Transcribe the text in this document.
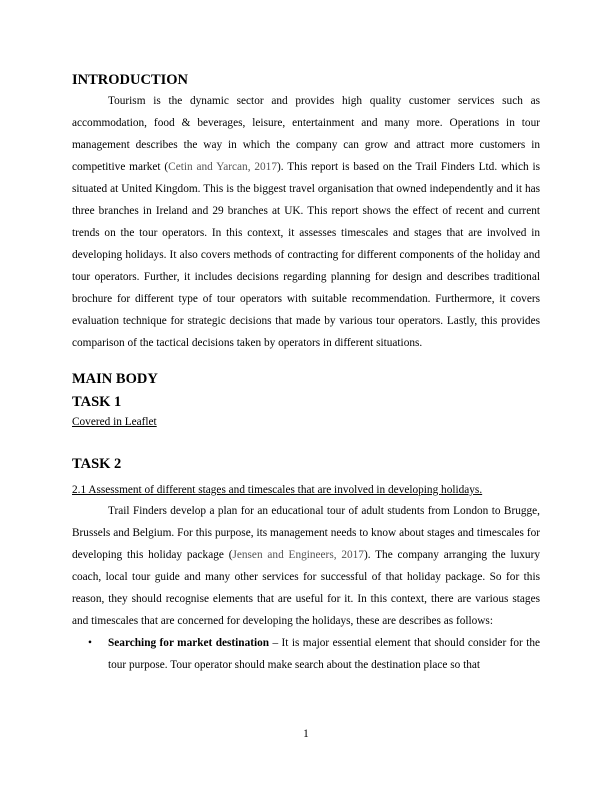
INTRODUCTION

Tourism is the dynamic sector and provides high quality customer services such as accommodation, food & beverages, leisure, entertainment and many more. Operations in tour management describes the way in which the company can grow and attract more customers in competitive market (Cetin and Yarcan, 2017). This report is based on the Trail Finders Ltd. which is situated at United Kingdom. This is the biggest travel organisation that owned independently and it has three branches in Ireland and 29 branches at UK. This report shows the effect of recent and current trends on the tour operators. In this context, it assesses timescales and stages that are involved in developing holidays. It also covers methods of contracting for different components of the holiday and tour operators. Further, it includes decisions regarding planning for design and describes traditional brochure for different type of tour operators with suitable recommendation. Furthermore, it covers evaluation technique for strategic decisions that made by various tour operators. Lastly, this provides comparison of the tactical decisions taken by operators in different situations.

MAIN BODY
TASK 1
Covered in Leaflet
TASK 2
2.1 Assessment of different stages and timescales that are involved in developing holidays.

Trail Finders develop a plan for an educational tour of adult students from London to Brugge, Brussels and Belgium. For this purpose, its management needs to know about stages and timescales for developing this holiday package (Jensen and Engineers, 2017). The company arranging the luxury coach, local tour guide and many other services for successful of that holiday package. So for this reason, they should recognise elements that are useful for it. In this context, there are various stages and timescales that are concerned for developing the holidays, these are describes as follows:

• Searching for market destination – It is major essential element that should consider for the tour purpose. Tour operator should make search about the destination place so that
1
